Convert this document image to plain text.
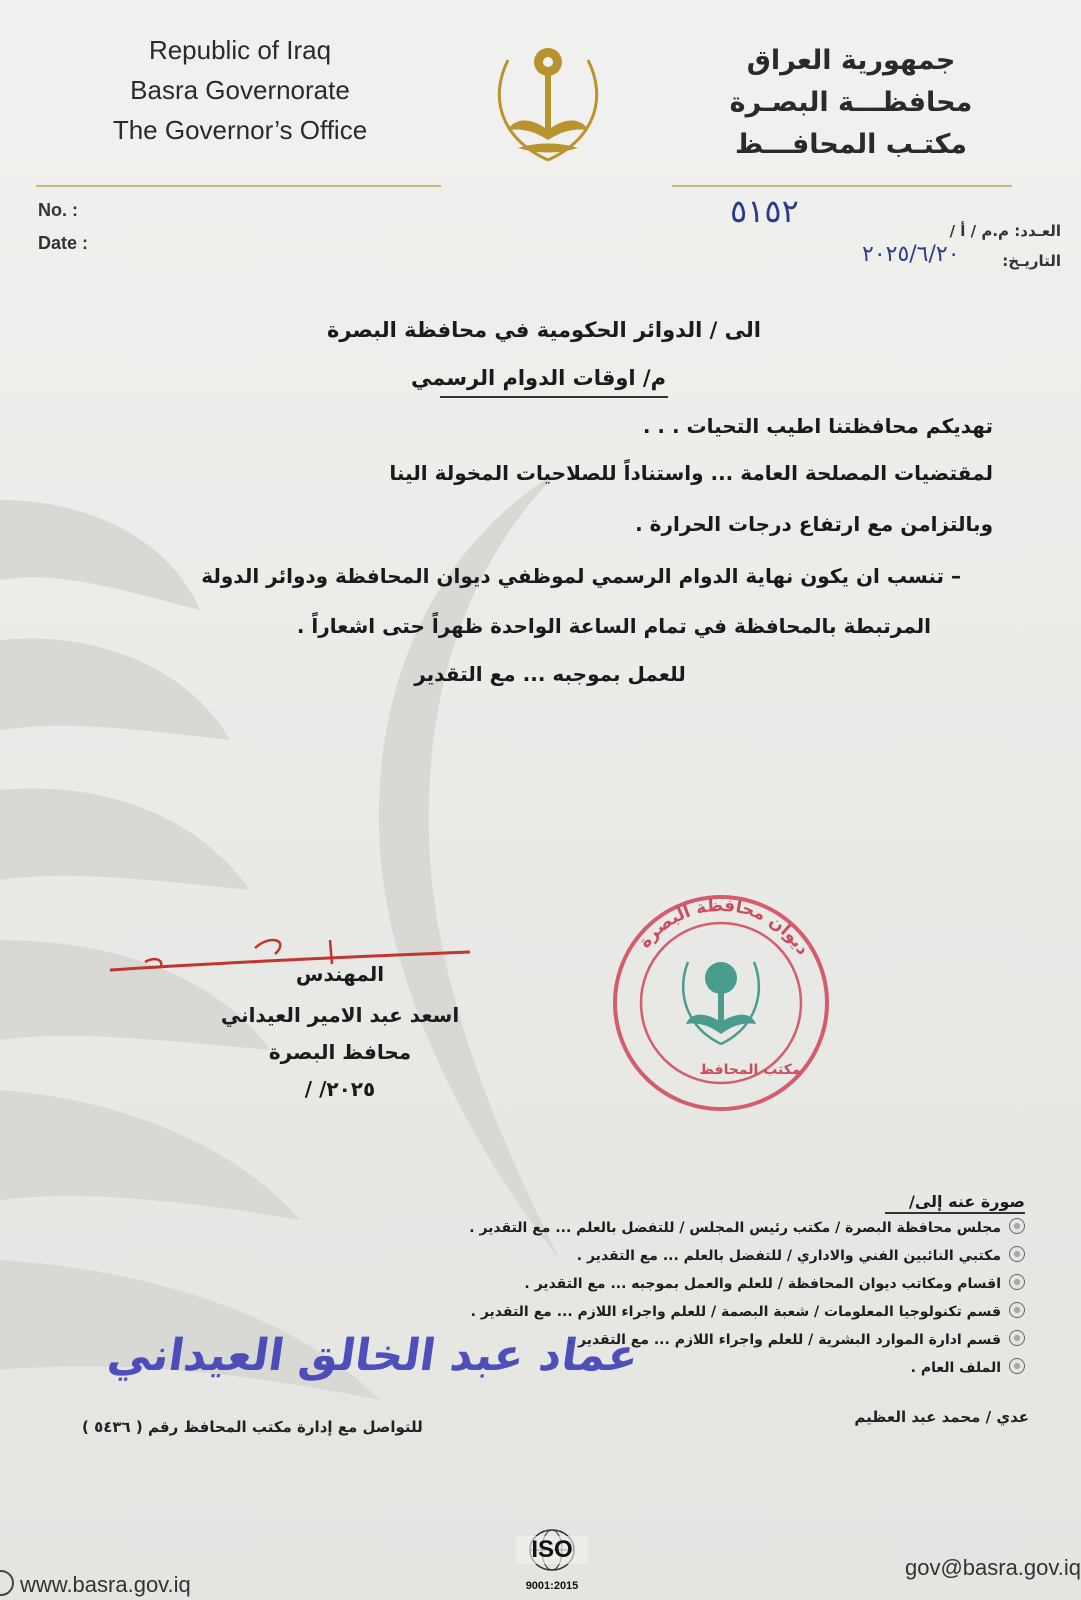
Republic of Iraq
Basra Governorate
The Governor’s Office
جمهورية العراق
محافظـــة البصـرة
مكتـب المحافـــظ
No. :
Date :
العـدد: م.م / أ /
التاريـخ:
٥١٥٢
٢٠٢٥/٦/٢٠
الى / الدوائر الحكومية في محافظة البصرة
م/ اوقات الدوام الرسمي
تهديكم محافظتنا اطيب التحيات . . .
لمقتضيات المصلحة العامة ... واستناداً للصلاحيات المخولة الينا
وبالتزامن مع ارتفاع درجات الحرارة .
– تنسب ان يكون نهاية الدوام الرسمي لموظفي ديوان المحافظة ودوائر الدولة
المرتبطة بالمحافظة في تمام الساعة الواحدة ظهراً حتى اشعاراً .
للعمل بموجبه ... مع التقدير
المهندس
اسعد عبد الامير العيداني
محافظ البصرة
/ /٢٠٢٥
ديوان محافظة البصرة
مكتب المحافظ
صورة عنه إلى/
مجلس محافظة البصرة / مكتب رئيس المجلس / للتفضل بالعلم ... مع التقدير .
مكتبي النائبين الفني والاداري / للتفضل بالعلم ... مع التقدير .
اقسام ومكاتب ديوان المحافظة / للعلم والعمل بموجبه ... مع التقدير .
قسم تكنولوجيا المعلومات / شعبة البصمة / للعلم واجراء اللازم ... مع التقدير .
قسم ادارة الموارد البشرية / للعلم واجراء اللازم ... مع التقدير .
الملف العام .
عماد عبد الخالق العيداني
للتواصل مع إدارة مكتب المحافظ رقم ( ٥٤٣٦ )
عدي / محمد عبد العظيم
www.basra.gov.iq
ISO
9001:2015
gov@basra.gov.iq
